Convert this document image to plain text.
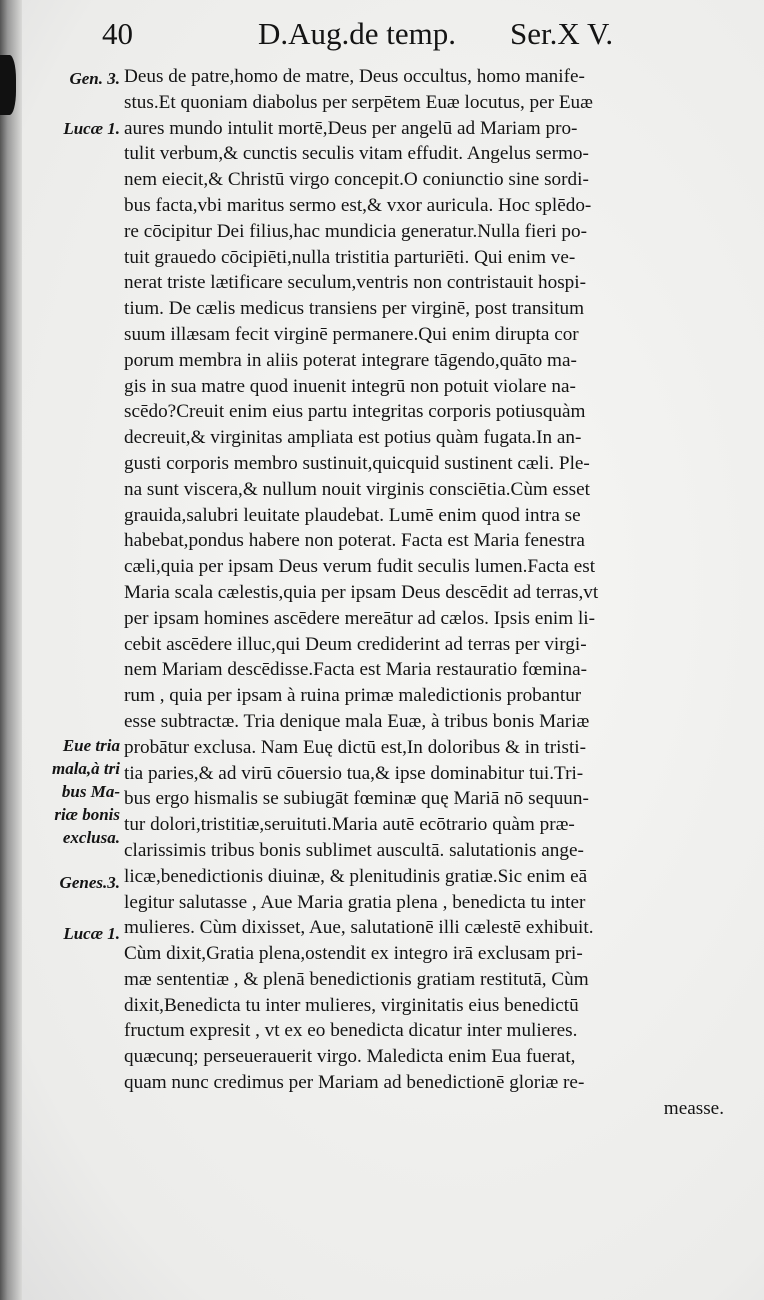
40	D.Aug.de temp. Ser.X V.
Gen. 3.
Lucæ 1.
Eue tria
mala,à tri
bus Ma-
riæ bonis
exclusa.
Genes.3.
Lucæ 1.
Deus de patre,homo de matre, Deus occultus, homo manife-
stus.Et quoniam diabolus per serpētem Euæ locutus, per Euæ
aures mundo intulit mortē,Deus per angelū ad Mariam pro-
tulit verbum,& cunctis seculis vitam effudit. Angelus sermo-
nem eiecit,& Christū virgo concepit.O coniunctio sine sordi-
bus facta,vbi maritus sermo est,& vxor auricula. Hoc splēdo-
re cōcipitur Dei filius,hac mundicia generatur.Nulla fieri po-
tuit grauedo cōcipiēti,nulla tristitia parturiēti. Qui enim ve-
nerat triste lætificare seculum,ventris non contristauit hospi-
tium. De cælis medicus transiens per virginē, post transitum
suum illæsam fecit virginē permanere.Qui enim dirupta cor
porum membra in aliis poterat integrare tāgendo,quāto ma-
gis in sua matre quod inuenit integrū non potuit violare na-
scēdo?Creuit enim eius partu integritas corporis potiusquàm
decreuit,& virginitas ampliata est potius quàm fugata.In an-
gusti corporis membro sustinuit,quicquid sustinent cæli. Ple-
na sunt viscera,& nullum nouit virginis consciētia.Cùm esset
grauida,salubri leuitate plaudebat. Lumē enim quod intra se
habebat,pondus habere non poterat. Facta est Maria fenestra
cæli,quia per ipsam Deus verum fudit seculis lumen.Facta est
Maria scala cælestis,quia per ipsam Deus descēdit ad terras,vt
per ipsam homines ascēdere mereātur ad cælos. Ipsis enim li-
cebit ascēdere illuc,qui Deum crediderint ad terras per virgi-
nem Mariam descēdisse.Facta est Maria restauratio fœmina-
rum , quia per ipsam à ruina primæ maledictionis probantur
esse subtractæ. Tria denique mala Euæ, à tribus bonis Mariæ
probātur exclusa. Nam Euę dictū est,In doloribus & in tristi-
tia paries,& ad virū cōuersio tua,& ipse dominabitur tui.Tri-
bus ergo hismalis se subiugāt fœminæ quę Mariā nō sequun-
tur dolori,tristitiæ,seruituti.Maria autē ecōtrario quàm præ-
clarissimis tribus bonis sublimet auscultā. salutationis ange-
licæ,benedictionis diuinæ, & plenitudinis gratiæ.Sic enim eā
legitur salutasse , Aue Maria gratia plena , benedicta tu inter
mulieres. Cùm dixisset, Aue, salutationē illi cælestē exhibuit.
Cùm dixit,Gratia plena,ostendit ex integro irā exclusam pri-
mæ sententiæ , & plenā benedictionis gratiam restitutā, Cùm
dixit,Benedicta tu inter mulieres, virginitatis eius benedictū
fructum expresit , vt ex eo benedicta dicatur inter mulieres.
quæcunq; perseuerauerit virgo. Maledicta enim Eua fuerat,
quam nunc credimus per Mariam ad benedictionē gloriæ re-
measse.
